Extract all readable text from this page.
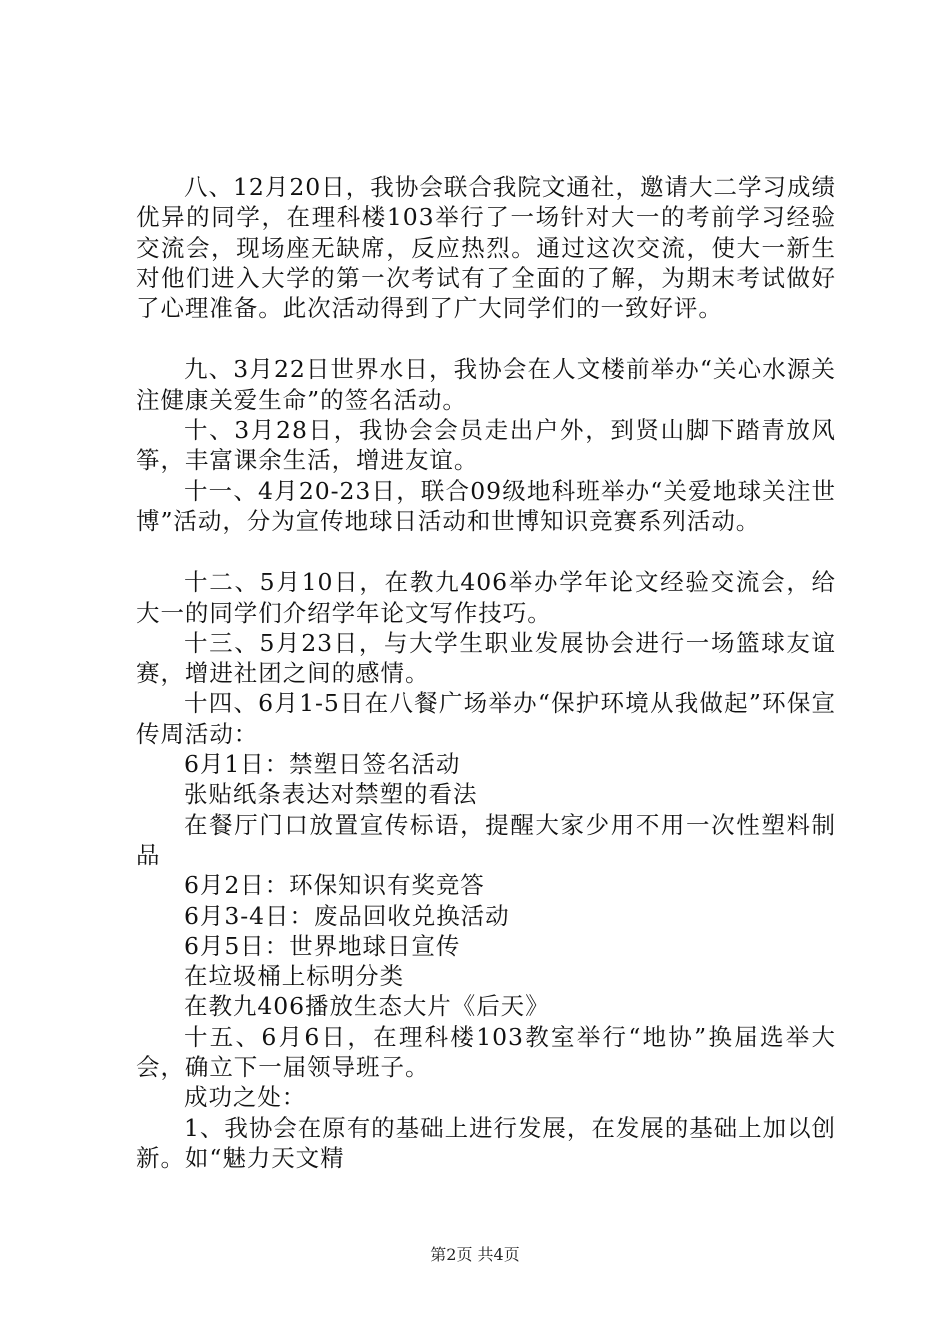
八、12月20日，我协会联合我院文通社，邀请大二学习成绩优异的同学，在理科楼103举行了一场针对大一的考前学习经验交流会，现场座无缺席，反应热烈。通过这次交流，使大一新生对他们进入大学的第一次考试有了全面的了解，为期末考试做好了心理准备。此次活动得到了广大同学们的一致好评。

九、3月22日世界水日，我协会在人文楼前举办“关心水源关注健康关爱生命”的签名活动。

十、3月28日，我协会会员走出户外，到贤山脚下踏青放风筝，丰富课余生活，增进友谊。

十一、4月20-23日，联合09级地科班举办“关爱地球关注世博”活动，分为宣传地球日活动和世博知识竞赛系列活动。

十二、5月10日，在教九406举办学年论文经验交流会，给大一的同学们介绍学年论文写作技巧。

十三、5月23日，与大学生职业发展协会进行一场篮球友谊赛，增进社团之间的感情。

十四、6月1-5日在八餐广场举办“保护环境从我做起”环保宣传周活动：

6月1日：禁塑日签名活动

张贴纸条表达对禁塑的看法

在餐厅门口放置宣传标语，提醒大家少用不用一次性塑料制品

6月2日：环保知识有奖竞答

6月3-4日：废品回收兑换活动

6月5日：世界地球日宣传

在垃圾桶上标明分类

在教九406播放生态大片《后天》

十五、6月6日，在理科楼103教室举行“地协”换届选举大会，确立下一届领导班子。

成功之处：

1、我协会在原有的基础上进行发展，在发展的基础上加以创新。如“魅力天文精

第2页 共4页
